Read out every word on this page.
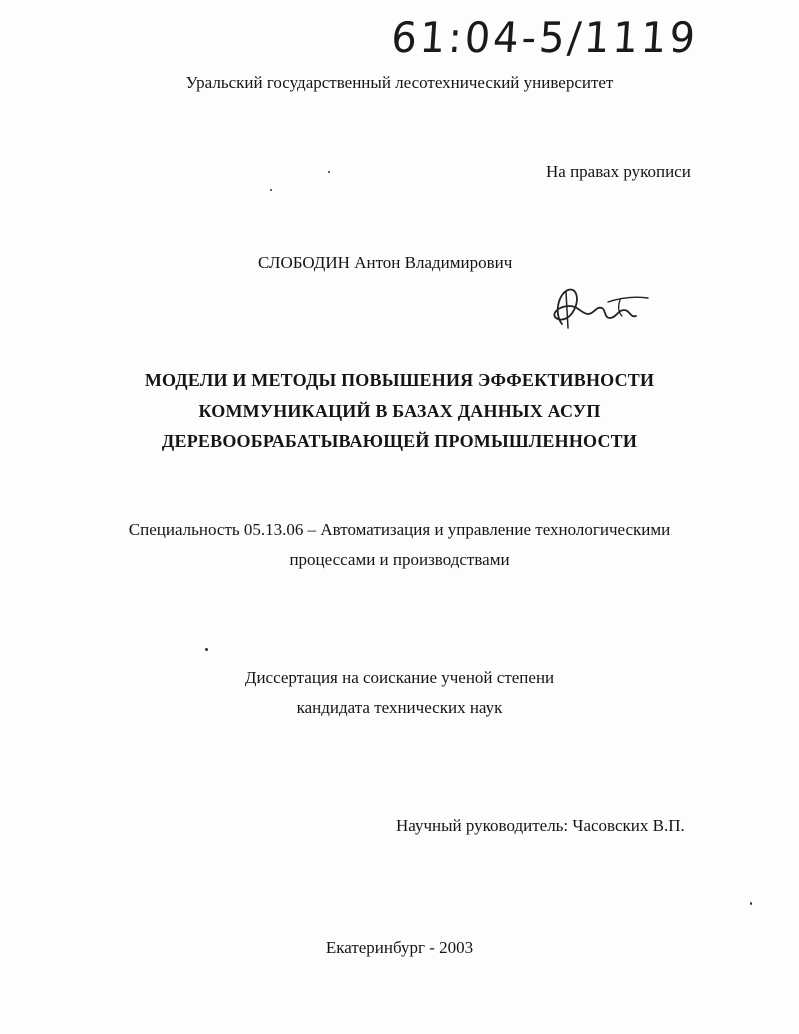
61:04-5/1119
Уральский государственный лесотехнический университет
На правах рукописи
СЛОБОДИН Антон Владимирович
МОДЕЛИ И МЕТОДЫ ПОВЫШЕНИЯ ЭФФЕКТИВНОСТИ
КОММУНИКАЦИЙ В БАЗАХ ДАННЫХ АСУП
ДЕРЕВООБРАБАТЫВАЮЩЕЙ ПРОМЫШЛЕННОСТИ
Специальность 05.13.06 – Автоматизация и управление технологическими
процессами и производствами
Диссертация на соискание ученой степени
кандидата технических наук
Научный руководитель: Часовских В.П.
Екатеринбург - 2003
